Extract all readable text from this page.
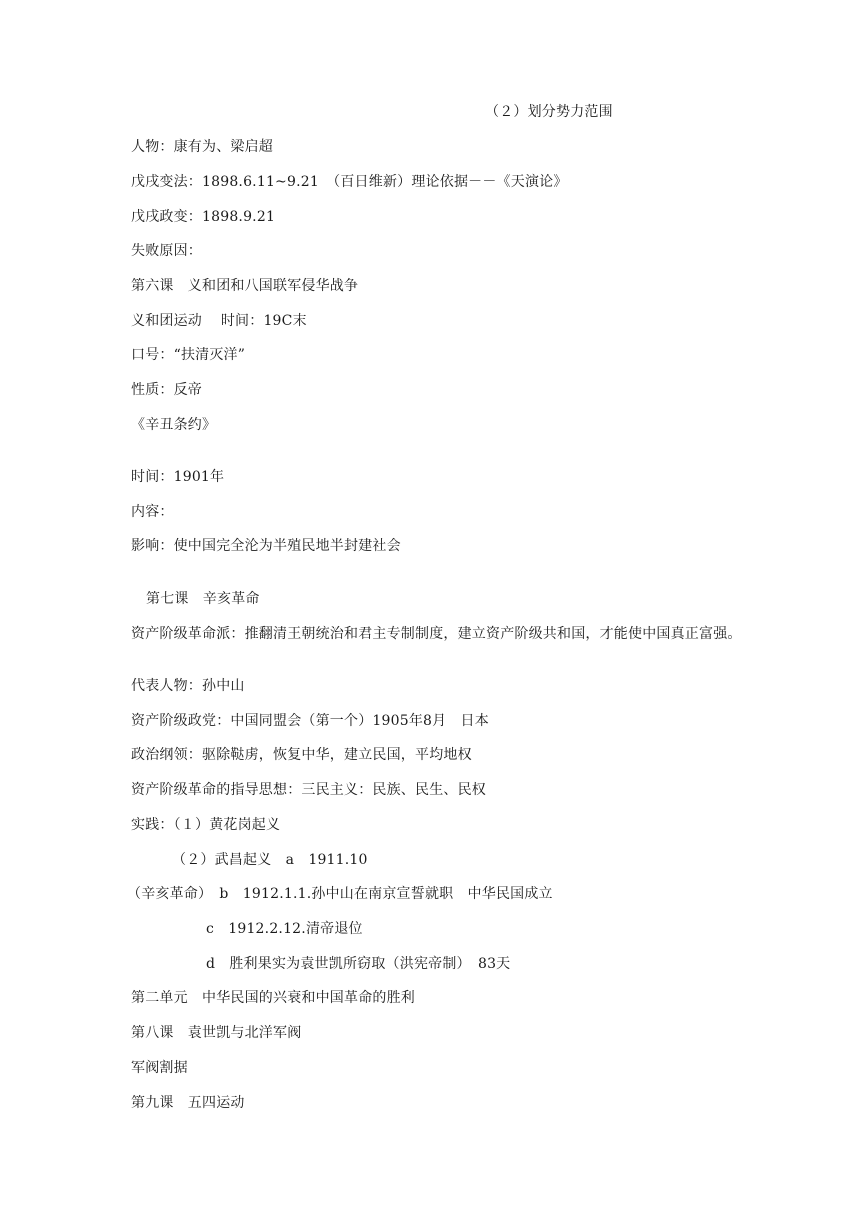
（２）划分势力范围
人物：康有为、梁启超
戊戌变法：1898.6.11~9.21　（百日维新）理论依据－－《天演论》
戊戌政变：1898.9.21
失败原因：
第六课　义和团和八国联军侵华战争
义和团运动　 时间：19C末
口号：“扶清灭洋”
性质：反帝
《辛丑条约》
时间：1901年
内容：
影响：使中国完全沦为半殖民地半封建社会
第七课　辛亥革命
资产阶级革命派：推翻清王朝统治和君主专制制度，建立资产阶级共和国，才能使中国真正富强。
代表人物：孙中山
资产阶级政党：中国同盟会（第一个）1905年8月　日本
政治纲领：驱除鞑虏，恢复中华，建立民国，平均地权
资产阶级革命的指导思想：三民主义：民族、民生、民权
实践：（１）黄花岗起义
（２）武昌起义　a　1911.10
（辛亥革命）　b　1912.1.1.孙中山在南京宣誓就职　中华民国成立
c　1912.2.12.清帝退位
d　胜利果实为袁世凯所窃取（洪宪帝制）　83天
第二单元　中华民国的兴衰和中国革命的胜利
第八课　袁世凯与北洋军阀
军阀割据
第九课　五四运动
